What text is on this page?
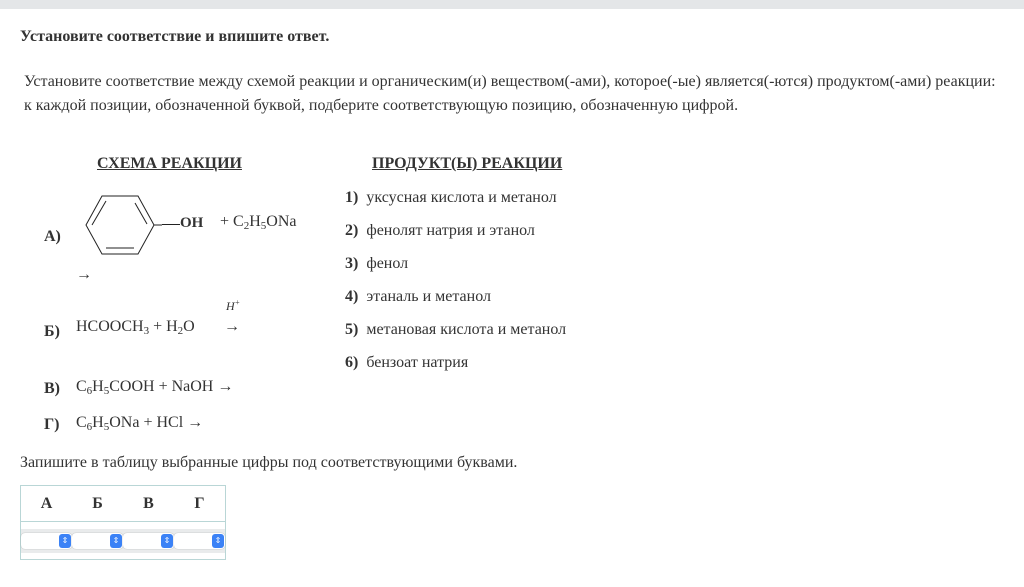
Установите соответствие и впишите ответ.
Установите соответствие между схемой реакции и органическим(и) веществом(-ами), которое(-ые) является(-ются) продуктом(-ами) реакции:
к каждой позиции, обозначенной буквой, подберите соответствующую позицию, обозначенную цифрой.
СХЕМА РЕАКЦИИ	ПРОДУКТ(Ы) РЕАКЦИИ
А)
OH + $C_2H_5ONa$
→
Б) $HCOOCH_3 + H_2O$
H+
→
В) $C_6H_5COOH$ + NaOH →
Г) $C_6H_5ONa$ + HCl →
1) уксусная кислота и метанол
2) фенолят натрия и этанол
3) фенол
4) этаналь и метанол
5) метановая кислота и метанол
6) бензоат натрия
Запишите в таблицу выбранные цифры под соответствующими буквами.
А	Б	В	Г
⇕	⇕	⇕	⇕
